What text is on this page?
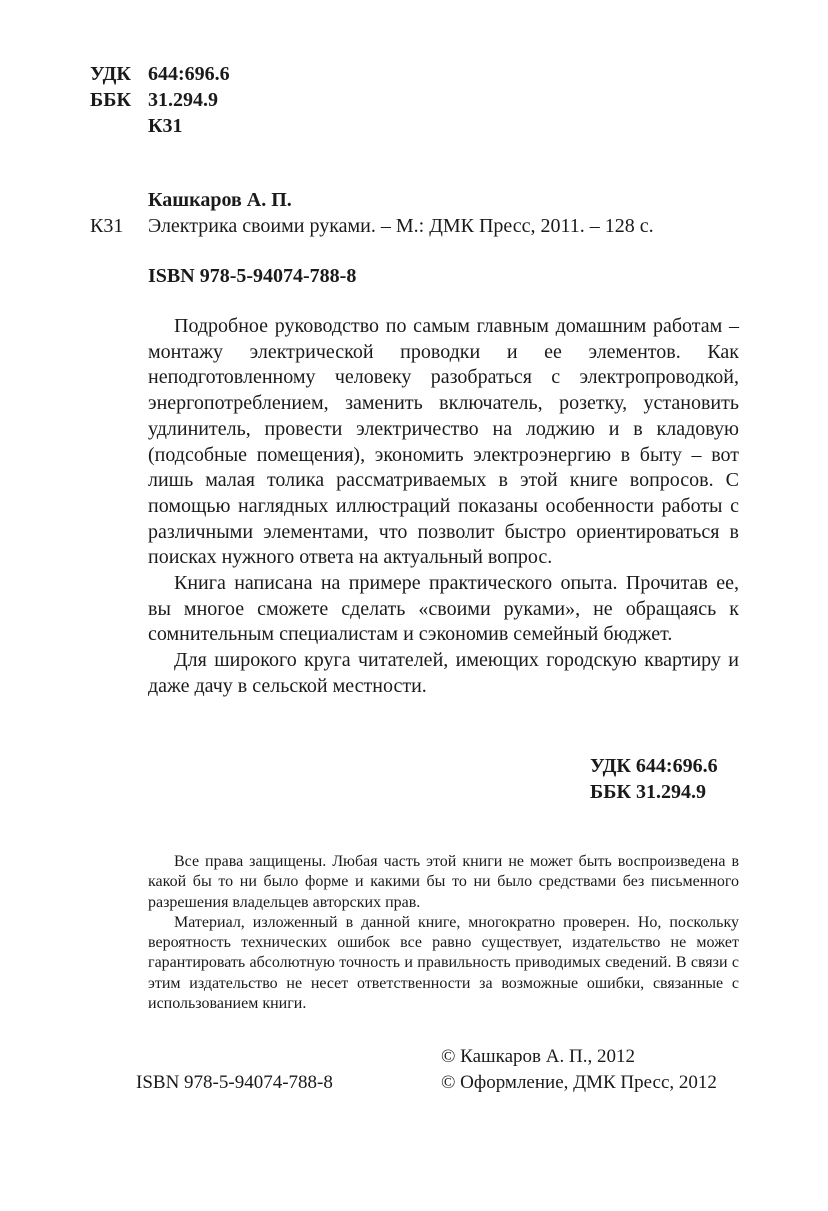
УДК 644:696.6
ББК 31.294.9
К31
Кашкаров А. П.
К31 Электрика своими руками. – М.: ДМК Пресс, 2011. – 128 с.
ISBN 978-5-94074-788-8

Подробное руководство по самым главным домашним работам – монтажу электрической проводки и ее элементов. Как неподготовленному человеку разобраться с электропроводкой, энергопотреблением, заменить включатель, розетку, установить удлинитель, провести электричество на лоджию и в кладовую (подсобные помещения), экономить электроэнергию в быту – вот лишь малая толика рассматриваемых в этой книге вопросов. С помощью наглядных иллюстраций показаны особенности работы с различными элементами, что позволит быстро ориентироваться в поисках нужного ответа на актуальный вопрос.

Книга написана на примере практического опыта. Прочитав ее, вы многое сможете сделать «своими руками», не обращаясь к сомнительным специалистам и сэкономив семейный бюджет.

Для широкого круга читателей, имеющих городскую квартиру и даже дачу в сельской местности.

УДК 644:696.6
ББК 31.294.9

Все права защищены. Любая часть этой книги не может быть воспроизведена в какой бы то ни было форме и какими бы то ни было средствами без письменного разрешения владельцев авторских прав.

Материал, изложенный в данной книге, многократно проверен. Но, поскольку вероятность технических ошибок все равно существует, издательство не может гарантировать абсолютную точность и правильность приводимых сведений. В связи с этим издательство не несет ответственности за возможные ошибки, связанные с использованием книги.

© Кашкаров А. П., 2012
ISBN 978-5-94074-788-8	© Оформление, ДМК Пресс, 2012
